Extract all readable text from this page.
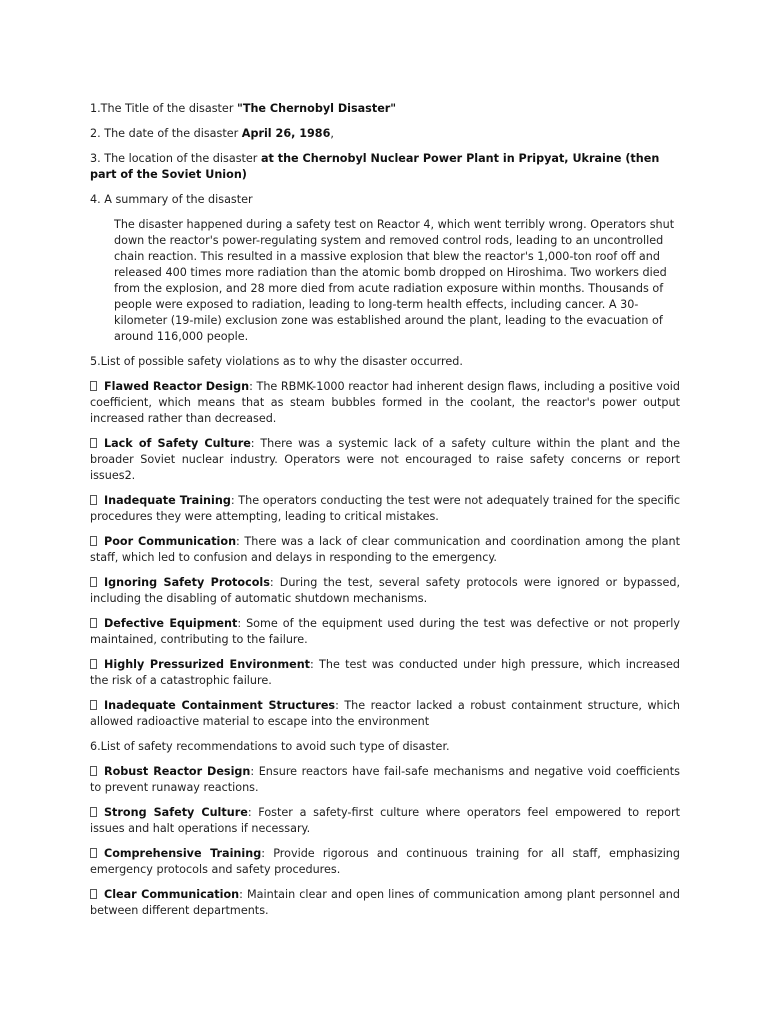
1.The Title of the disaster "The Chernobyl Disaster"

2. The date of the disaster April 26, 1986,

3. The location of the disaster at the Chernobyl Nuclear Power Plant in Pripyat, Ukraine (then part of the Soviet Union)

4. A summary of the disaster

The disaster happened during a safety test on Reactor 4, which went terribly wrong. Operators shut down the reactor's power-regulating system and removed control rods, leading to an uncontrolled chain reaction. This resulted in a massive explosion that blew the reactor's 1,000-ton roof off and released 400 times more radiation than the atomic bomb dropped on Hiroshima. Two workers died from the explosion, and 28 more died from acute radiation exposure within months. Thousands of people were exposed to radiation, leading to long-term health effects, including cancer. A 30-kilometer (19-mile) exclusion zone was established around the plant, leading to the evacuation of around 116,000 people.

5.List of possible safety violations as to why the disaster occurred.

Flawed Reactor Design: The RBMK-1000 reactor had inherent design flaws, including a positive void coefficient, which means that as steam bubbles formed in the coolant, the reactor's power output increased rather than decreased.

Lack of Safety Culture: There was a systemic lack of a safety culture within the plant and the broader Soviet nuclear industry. Operators were not encouraged to raise safety concerns or report issues2.

Inadequate Training: The operators conducting the test were not adequately trained for the specific procedures they were attempting, leading to critical mistakes.

Poor Communication: There was a lack of clear communication and coordination among the plant staff, which led to confusion and delays in responding to the emergency.

Ignoring Safety Protocols: During the test, several safety protocols were ignored or bypassed, including the disabling of automatic shutdown mechanisms.

Defective Equipment: Some of the equipment used during the test was defective or not properly maintained, contributing to the failure.

Highly Pressurized Environment: The test was conducted under high pressure, which increased the risk of a catastrophic failure.

Inadequate Containment Structures: The reactor lacked a robust containment structure, which allowed radioactive material to escape into the environment

6.List of safety recommendations to avoid such type of disaster.

Robust Reactor Design: Ensure reactors have fail-safe mechanisms and negative void coefficients to prevent runaway reactions.

Strong Safety Culture: Foster a safety-first culture where operators feel empowered to report issues and halt operations if necessary.

Comprehensive Training: Provide rigorous and continuous training for all staff, emphasizing emergency protocols and safety procedures.

Clear Communication: Maintain clear and open lines of communication among plant personnel and between different departments.
